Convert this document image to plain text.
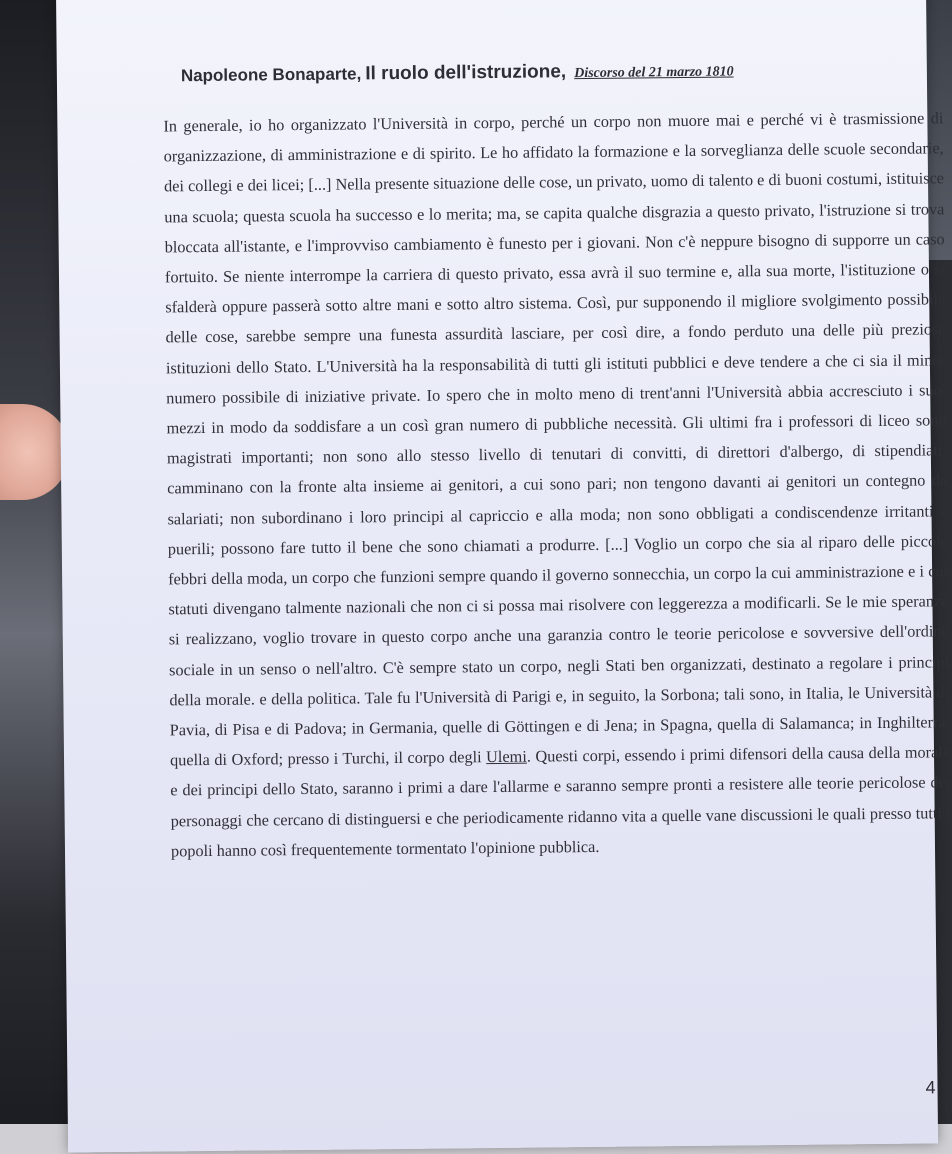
Napoleone Bonaparte, Il ruolo dell'istruzione, Discorso del 21 marzo 1810
In generale, io ho organizzato l'Università in corpo, perché un corpo non muore mai e perché vi è trasmissione di organizzazione, di amministrazione e di spirito. Le ho affidato la formazione e la sorveglianza delle scuole secondarie, dei collegi e dei licei; [...] Nella presente situazione delle cose, un privato, uomo di talento e di buoni costumi, istituisce una scuola; questa scuola ha successo e lo merita; ma, se capita qualche disgrazia a questo privato, l'istruzione si trova bloccata all'istante, e l'improvviso cambiamento è funesto per i giovani. Non c'è neppure bisogno di supporre un caso fortuito. Se niente interrompe la carriera di questo privato, essa avrà il suo termine e, alla sua morte, l'istituzione o si sfalderà oppure passerà sotto altre mani e sotto altro sistema. Così, pur supponendo il migliore svolgimento possibile delle cose, sarebbe sempre una funesta assurdità lasciare, per così dire, a fondo perduto una delle più preziose istituzioni dello Stato. L'Università ha la responsabilità di tutti gli istituti pubblici e deve tendere a che ci sia il minor numero possibile di iniziative private. Io spero che in molto meno di trent'anni l'Università abbia accresciuto i suoi mezzi in modo da soddisfare a un così gran numero di pubbliche necessità. Gli ultimi fra i professori di liceo sono magistrati importanti; non sono allo stesso livello di tenutari di convitti, di direttori d'albergo, di stipendiati; camminano con la fronte alta insieme ai genitori, a cui sono pari; non tengono davanti ai genitori un contegno da salariati; non subordinano i loro principi al capriccio e alla moda; non sono obbligati a condiscendenze irritanti e puerili; possono fare tutto il bene che sono chiamati a produrre. [...] Voglio un corpo che sia al riparo delle piccole febbri della moda, un corpo che funzioni sempre quando il governo sonnecchia, un corpo la cui amministrazione e i cui statuti divengano talmente nazionali che non ci si possa mai risolvere con leggerezza a modificarli. Se le mie speranze si realizzano, voglio trovare in questo corpo anche una garanzia contro le teorie pericolose e sovversive dell'ordine sociale in un senso o nell'altro. C'è sempre stato un corpo, negli Stati ben organizzati, destinato a regolare i principi della morale. e della politica. Tale fu l'Università di Parigi e, in seguito, la Sorbona; tali sono, in Italia, le Università di Pavia, di Pisa e di Padova; in Germania, quelle di Göttingen e di Jena; in Spagna, quella di Salamanca; in Inghilterra, quella di Oxford; presso i Turchi, il corpo degli Ulemi. Questi corpi, essendo i primi difensori della causa della morale e dei principi dello Stato, saranno i primi a dare l'allarme e saranno sempre pronti a resistere alle teorie pericolose dei personaggi che cercano di distinguersi e che periodicamente ridanno vita a quelle vane discussioni le quali presso tutti i popoli hanno così frequentemente tormentato l'opinione pubblica.
4
